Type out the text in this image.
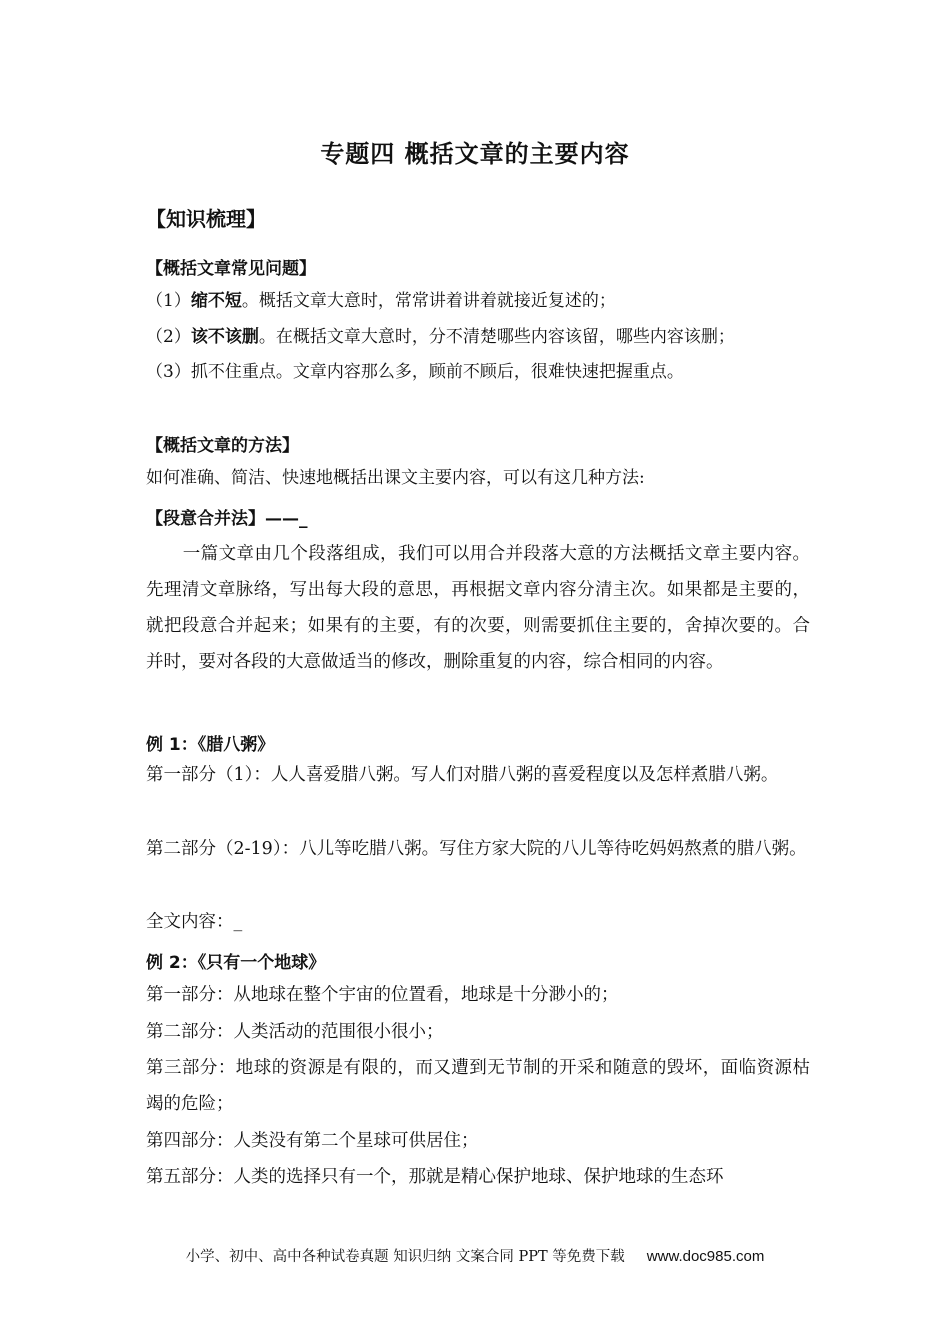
专题四 概括文章的主要内容
【知识梳理】
【概括文章常见问题】
（1）缩不短。概括文章大意时，常常讲着讲着就接近复述的；
（2）该不该删。在概括文章大意时，分不清楚哪些内容该留，哪些内容该删；
（3）抓不住重点。文章内容那么多，顾前不顾后，很难快速把握重点。
【概括文章的方法】
如何准确、简洁、快速地概括出课文主要内容，可以有这几种方法:
【段意合并法】——_
一篇文章由几个段落组成，我们可以用合并段落大意的方法概括文章主要内容。先理清文章脉络，写出每大段的意思，再根据文章内容分清主次。如果都是主要的，就把段意合并起来；如果有的主要，有的次要，则需要抓住主要的，舍掉次要的。合并时，要对各段的大意做适当的修改，删除重复的内容，综合相同的内容。
例 1：《腊八粥》
第一部分（1）：人人喜爱腊八粥。写人们对腊八粥的喜爱程度以及怎样煮腊八粥。
第二部分（2-19）：八儿等吃腊八粥。写住方家大院的八儿等待吃妈妈熬煮的腊八粥。
全文内容：_
例 2：《只有一个地球》
第一部分：从地球在整个宇宙的位置看，地球是十分渺小的；
第二部分：人类活动的范围很小很小；
第三部分：地球的资源是有限的，而又遭到无节制的开采和随意的毁坏，面临资源枯竭的危险；
第四部分：人类没有第二个星球可供居住；
第五部分：人类的选择只有一个，那就是精心保护地球、保护地球的生态环
小学、初中、高中各种试卷真题 知识归纳 文案合同 PPT 等免费下载 www.doc985.com
